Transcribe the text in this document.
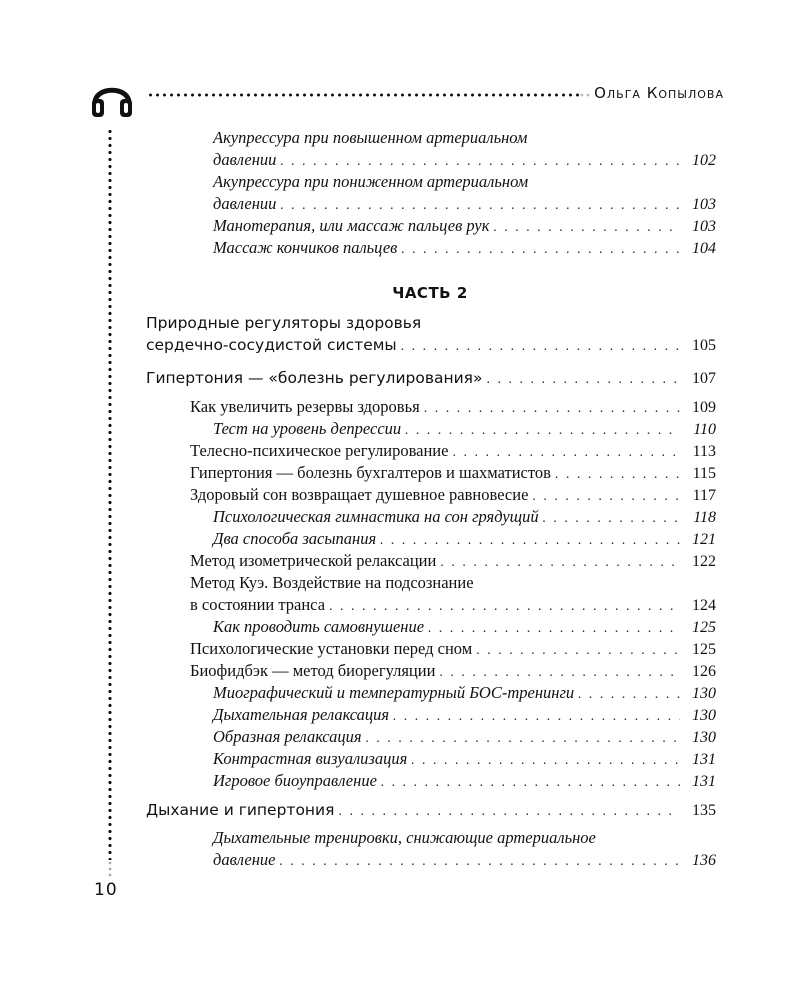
Ольга Копылова
10
ЧАСТЬ 2
Акупрессура при повышенном артериальном
давлении . . .	102
Акупрессура при пониженном артериальном
давлении . . .	103
Манотерапия, или массаж пальцев рук . . .	103
Массаж кончиков пальцев . . .	104
Природные регуляторы здоровья
сердечно-сосудистой системы . . .	105
Гипертония — «болезнь регулирования» . . .	107
Как увеличить резервы здоровья . . .	109
Тест на уровень депрессии . . .	110
Телесно-психическое регулирование . . .	113
Гипертония — болезнь бухгалтеров и шахматистов . . .	115
Здоровый сон возвращает душевное равновесие . . .	117
Психологическая гимнастика на сон грядущий . . .	118
Два способа засыпания . . .	121
Метод изометрической релаксации . . .	122
Метод Куэ. Воздействие на подсознание
в состоянии транса . . .	124
Как проводить самовнушение . . .	125
Психологические установки перед сном . . .	125
Биофидбэк — метод биорегуляции . . .	126
Миографический и температурный БОС-тренинги . . .	130
Дыхательная релаксация . . .	130
Образная релаксация . . .	130
Контрастная визуализация . . .	131
Игровое биоуправление . . .	131
Дыхание и гипертония . . .	135
Дыхательные тренировки, снижающие артериальное
давление . . .	136
